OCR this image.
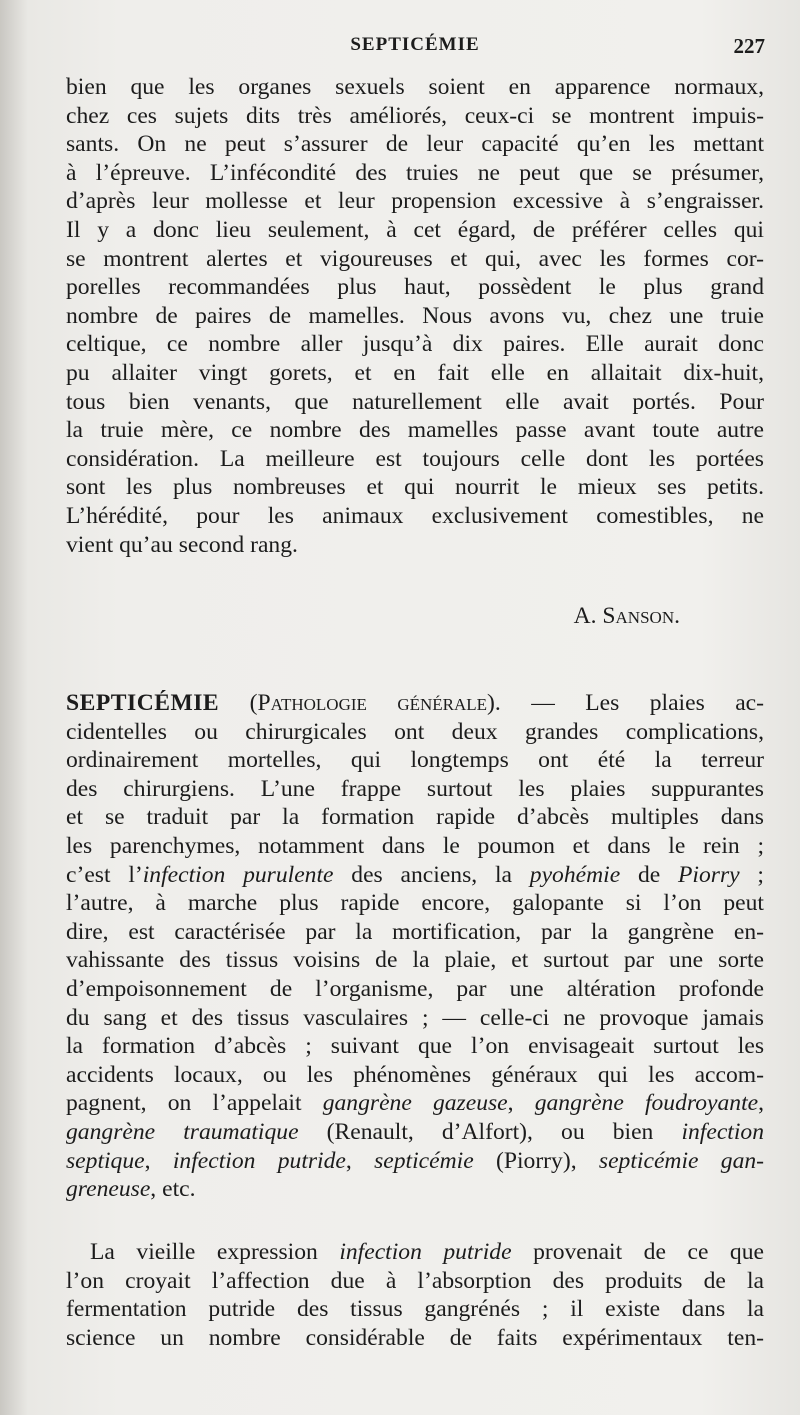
SEPTICÉMIE	227
bien que les organes sexuels soient en apparence normaux,
chez ces sujets dits très améliorés, ceux-ci se montrent impuis-
sants. On ne peut s’assurer de leur capacité qu’en les mettant
à l’épreuve. L’infécondité des truies ne peut que se présumer,
d’après leur mollesse et leur propension excessive à s’engraisser.
Il y a donc lieu seulement, à cet égard, de préférer celles qui
se montrent alertes et vigoureuses et qui, avec les formes cor-
porelles recommandées plus haut, possèdent le plus grand
nombre de paires de mamelles. Nous avons vu, chez une truie
celtique, ce nombre aller jusqu’à dix paires. Elle aurait donc
pu allaiter vingt gorets, et en fait elle en allaitait dix-huit,
tous bien venants, que naturellement elle avait portés. Pour
la truie mère, ce nombre des mamelles passe avant toute autre
considération. La meilleure est toujours celle dont les portées
sont les plus nombreuses et qui nourrit le mieux ses petits.
L’hérédité, pour les animaux exclusivement comestibles, ne
vient qu’au second rang.
A. Sanson.
SEPTICÉMIE (Pathologie générale). — Les plaies ac-
cidentelles ou chirurgicales ont deux grandes complications,
ordinairement mortelles, qui longtemps ont été la terreur
des chirurgiens. L’une frappe surtout les plaies suppurantes
et se traduit par la formation rapide d’abcès multiples dans
les parenchymes, notamment dans le poumon et dans le rein ;
c’est l’infection purulente des anciens, la pyohémie de Piorry ;
l’autre, à marche plus rapide encore, galopante si l’on peut
dire, est caractérisée par la mortification, par la gangrène en-
vahissante des tissus voisins de la plaie, et surtout par une sorte
d’empoisonnement de l’organisme, par une altération profonde
du sang et des tissus vasculaires ; — celle-ci ne provoque jamais
la formation d’abcès ; suivant que l’on envisageait surtout les
accidents locaux, ou les phénomènes généraux qui les accom-
pagnent, on l’appelait gangrène gazeuse, gangrène foudroyante,
gangrène traumatique (Renault, d’Alfort), ou bien infection
septique, infection putride, septicémie (Piorry), septicémie gan-
greneuse, etc.
La vieille expression infection putride provenait de ce que
l’on croyait l’affection due à l’absorption des produits de la
fermentation putride des tissus gangrénés ; il existe dans la
science un nombre considérable de faits expérimentaux ten-
